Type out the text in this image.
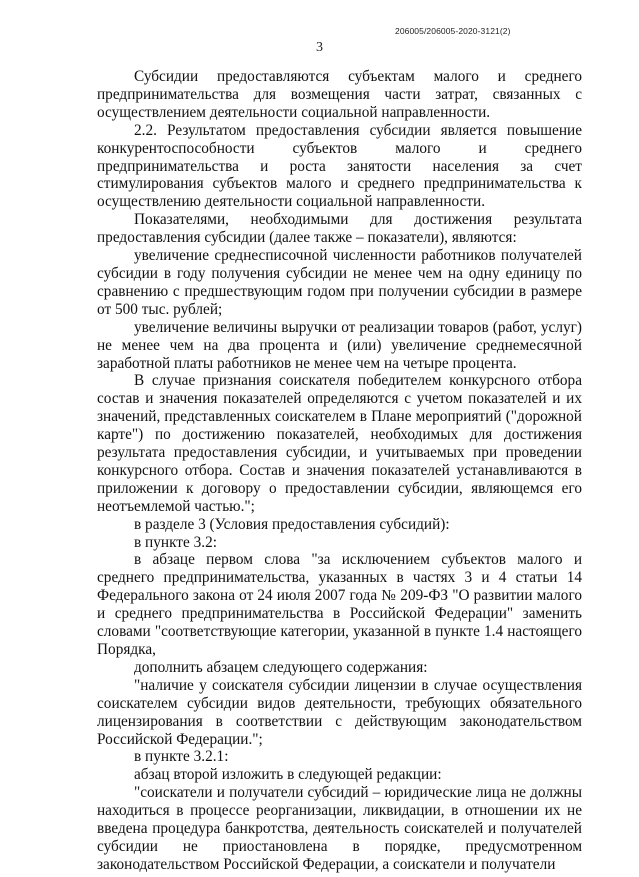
206005/206005-2020-3121(2)
3

Субсидии предоставляются субъектам малого и среднего предпринимательства для возмещения части затрат, связанных с осуществлением деятельности социальной направленности.

2.2. Результатом предоставления субсидии является повышение конкурентоспособности субъектов малого и среднего предпринимательства и роста занятости населения за счет стимулирования субъектов малого и среднего предпринимательства к осуществлению деятельности социальной направленности.

Показателями, необходимыми для достижения результата предоставления субсидии (далее также – показатели), являются:

увеличение среднесписочной численности работников получателей субсидии в году получения субсидии не менее чем на одну единицу по сравнению с предшествующим годом при получении субсидии в размере от 500 тыс. рублей;

увеличение величины выручки от реализации товаров (работ, услуг) не менее чем на два процента и (или) увеличение среднемесячной заработной платы работников не менее чем на четыре процента.

В случае признания соискателя победителем конкурсного отбора состав и значения показателей определяются с учетом показателей и их значений, представленных соискателем в Плане мероприятий ("дорожной карте") по достижению показателей, необходимых для достижения результата предоставления субсидии, и учитываемых при проведении конкурсного отбора. Состав и значения показателей устанавливаются в приложении к договору о предоставлении субсидии, являющемся его неотъемлемой частью.";

в разделе 3 (Условия предоставления субсидий):

в пункте 3.2:

в абзаце первом слова "за исключением субъектов малого и среднего предпринимательства, указанных в частях 3 и 4 статьи 14 Федерального закона от 24 июля 2007 года № 209-ФЗ "О развитии малого и среднего предпринимательства в Российской Федерации" заменить словами "соответствующие категории, указанной в пункте 1.4 настоящего Порядка,

дополнить абзацем следующего содержания:

"наличие у соискателя субсидии лицензии в случае осуществления соискателем субсидии видов деятельности, требующих обязательного лицензирования в соответствии с действующим законодательством Российской Федерации.";

в пункте 3.2.1:

абзац второй изложить в следующей редакции:

"соискатели и получатели субсидий – юридические лица не должны находиться в процессе реорганизации, ликвидации, в отношении их не введена процедура банкротства, деятельность соискателей и получателей субсидии не приостановлена в порядке, предусмотренном законодательством Российской Федерации, а соискатели и получатели
